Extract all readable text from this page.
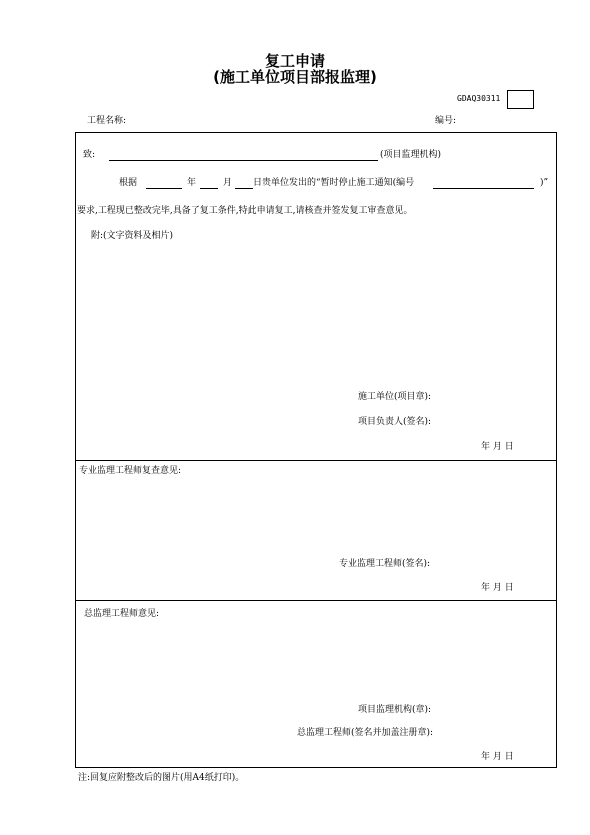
复工申请
(施工单位项目部报监理)
GDAQ30311
工程名称:	编号:
致:	(项目监理机构)
根据	年	月 日贵单位发出的“暂时停止施工通知(编号	)”
要求,工程现已整改完毕,具备了复工条件,特此申请复工,请核查并签发复工审查意见。
附:(文字资料及相片)
施工单位(项目章):
项目负责人(签名):
年 月 日
专业监理工程师复查意见:
专业监理工程师(签名):
年 月 日
总监理工程师意见:
项目监理机构(章):
总监理工程师(签名并加盖注册章):
年 月 日
注:回复应附整改后的图片(用A4纸打印)。
